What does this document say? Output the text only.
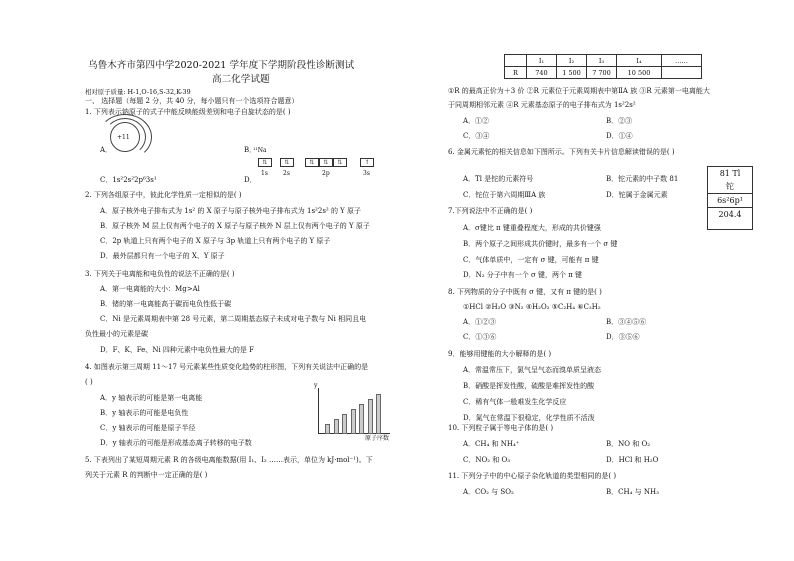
乌鲁木齐市第四中学2020-2021 学年度下学期阶段性诊断测试
高二化学试题
相对原子质量: H-1,O-16,S-32,K-39
一、 选择题（每题 2 分，共 40 分，每小题只有一个选项符合题意）
1. 下列表示钠原子的式子中能反映能级差别和电子自旋状态的是( )
A．
+11
B．
¹¹Na
⇅	⇅	⇅	⇅	⇅	↑
1s	2s	2p	3s
C．1s²2s²2p⁶3s¹	D．
2. 下列各组原子中，彼此化学性质一定相似的是( )
A．原子核外电子排布式为 1s² 的 X 原子与原子核外电子排布式为 1s²2s² 的 Y 原子
B．原子核外 M 层上仅有两个电子的 X 原子与原子核外 N 层上仅有两个电子的 Y 原子
C．2p 轨道上只有两个电子的 X 原子与 3p 轨道上只有两个电子的 Y 原子
D．最外层都只有一个电子的 X、Y 原子
3. 下列关于电离能和电负性的说法不正确的是( )
A．第一电离能的大小：Mg>Al
B．锗的第一电离能高于碳而电负性低于碳
C．Ni 是元素周期表中第 28 号元素，第二周期基态原子未成对电子数与 Ni 相同且电
负性最小的元素是碳
D．F、K、Fe、Ni 四种元素中电负性最大的是 F
4. 如图表示第三周期 11～17 号元素某些性质变化趋势的柱形图，下列有关说法中正确的是
( )
A．y 轴表示的可能是第一电离能
B．y 轴表示的可能是电负性
C．y 轴表示的可能是原子半径
D．y 轴表示的可能是形成基态离子转移的电子数
y
原子序数
5. 下表列出了某短周期元素 R 的各级电离能数据(用 I₁、I₂ ……表示，单位为 kJ·mol⁻¹)。下
列关于元素 R 的判断中一定正确的是( )
	I₁	I₂	I₃	I₄	……
R	740	1 500	7 700	10 500	
①R 的最高正价为＋3 价 ②R 元素位于元素周期表中第ⅡA 族 ③R 元素第一电离能大
于同周期相邻元素 ④R 元素基态原子的电子排布式为 1s²2s²
A．①②	B．②③
C．③④	D．①④
6. 金属元素铊的相关信息如下图所示。下列有关卡片信息解读错误的是( )
A．Tl 是铊的元素符号	B．铊元素的中子数 81
C．铊位于第六周期ⅢA 族	D．铊属于金属元素
81 Tl
铊
6s²6p¹
204.4
7.下列说法中不正确的是( )
A．σ键比 π 键重叠程度大，形成的共价键强
B．两个原子之间形成共价键时，最多有一个 σ 键
C．气体单质中，一定有 σ 键，可能有 π 键
D．N₂ 分子中有一个 σ 键，两个 π 键
8. 下列物质的分子中既有 σ 键，又有 π 键的是( )
①HCl ②H₂O ③N₂ ④H₂O₂ ⑤C₂H₄ ⑥C₂H₂
A．①②③	B．③④⑤⑥
C．①③⑥	D．③⑤⑥
9．能够用键能的大小解释的是( )
A．常温常压下，氯气呈气态而溴单质呈液态
B．硝酸是挥发性酸，硫酸是难挥发性的酸
C．稀有气体一般难发生化学反应
D．氮气在常温下很稳定，化学性质不活泼
10. 下列粒子属于等电子体的是( )
A．CH₄ 和 NH₄⁺	B．NO 和 O₂
C．NO₂ 和 O₃	D．HCl 和 H₂O
11. 下列分子中的中心原子杂化轨道的类型相同的是( )
A．CO₂ 与 SO₂	B．CH₄ 与 NH₃
